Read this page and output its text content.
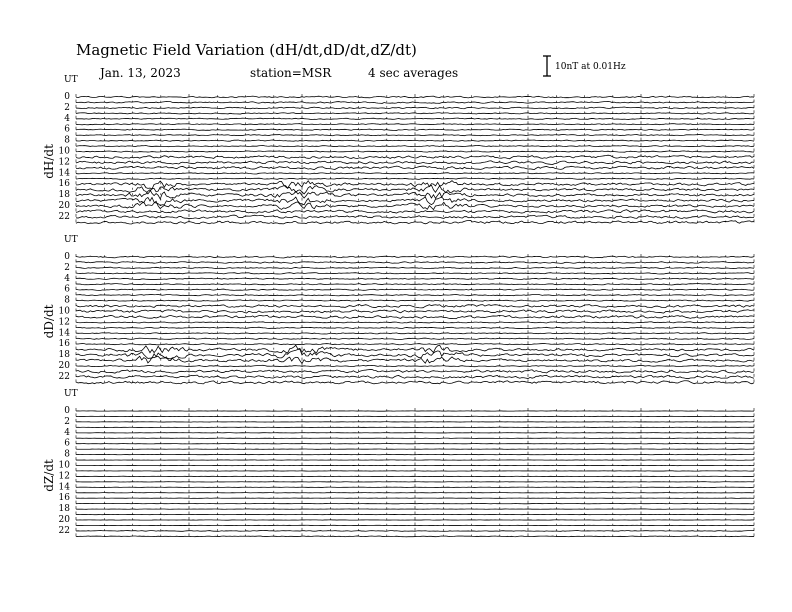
Magnetic Field Variation (dH/dt,dD/dt,dZ/dt)
Jan. 13, 2023	station=MSR	4 sec averages	10nT at 0.01Hz
UT
dH/dt
0
2
4
6
8
10
12
14
16
18
20
22
UT
dD/dt
0
2
4
6
8
10
12
14
16
18
20
22
UT
dZ/dt
0
2
4
6
8
10
12
14
16
18
20
22
